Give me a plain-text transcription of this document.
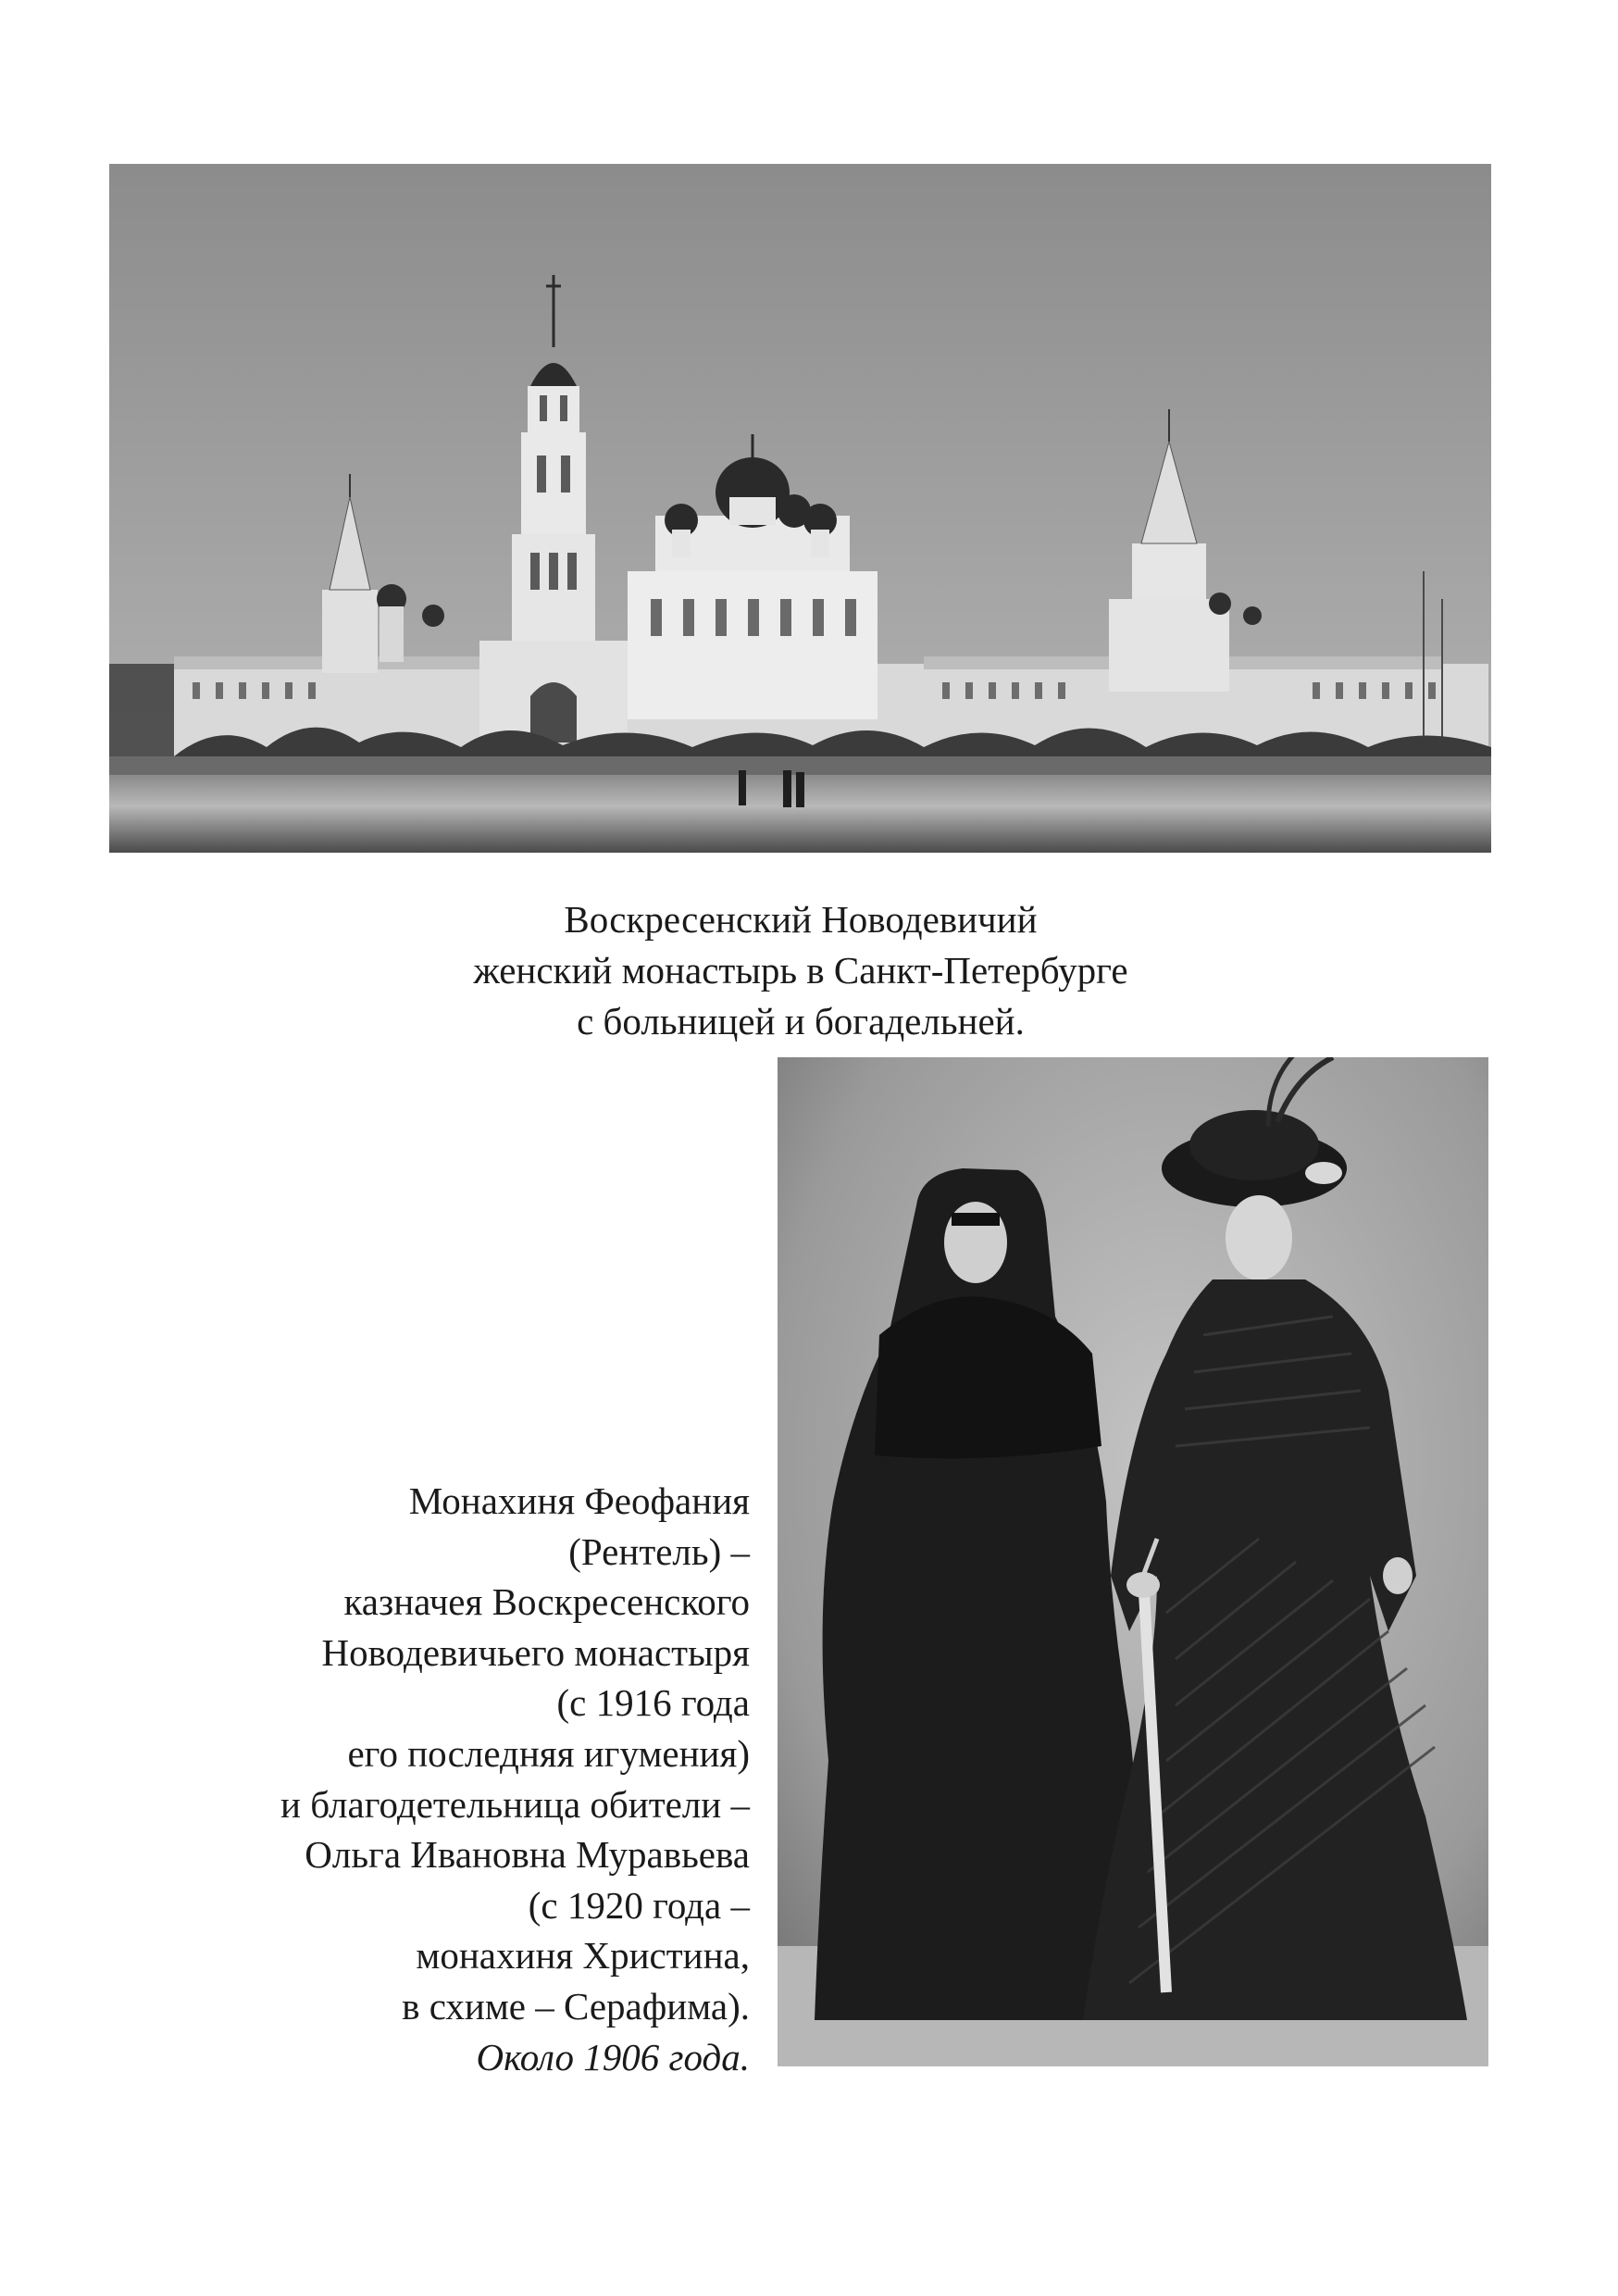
Воскресенский Новодевичий
женский монастырь в Санкт-Петербурге
с больницей и богадельней.
Монахиня Феофания
(Рентель) –
казначея Воскресенского
Новодевичьего монастыря
(с 1916 года
его последняя игумения)
и благодетельница обители –
Ольга Ивановна Муравьева
(с 1920 года –
монахиня Христина,
в схиме – Серафима).
Около 1906 года.
